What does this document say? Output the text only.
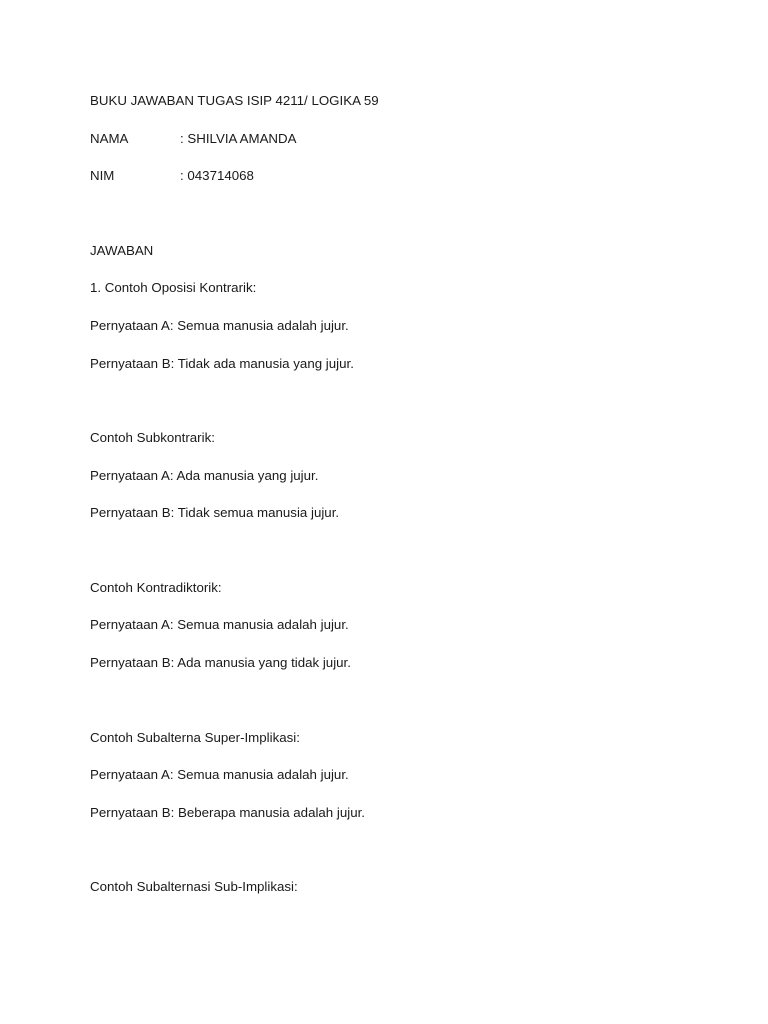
BUKU JAWABAN TUGAS ISIP 4211/ LOGIKA 59
NAMA	: SHILVIA AMANDA
NIM	: 043714068
JAWABAN
1. Contoh Oposisi Kontrarik:
Pernyataan A: Semua manusia adalah jujur.
Pernyataan B: Tidak ada manusia yang jujur.
Contoh Subkontrarik:
Pernyataan A: Ada manusia yang jujur.
Pernyataan B: Tidak semua manusia jujur.
Contoh Kontradiktorik:
Pernyataan A: Semua manusia adalah jujur.
Pernyataan B: Ada manusia yang tidak jujur.
Contoh Subalterna Super-Implikasi:
Pernyataan A: Semua manusia adalah jujur.
Pernyataan B: Beberapa manusia adalah jujur.
Contoh Subalternasi Sub-Implikasi:
